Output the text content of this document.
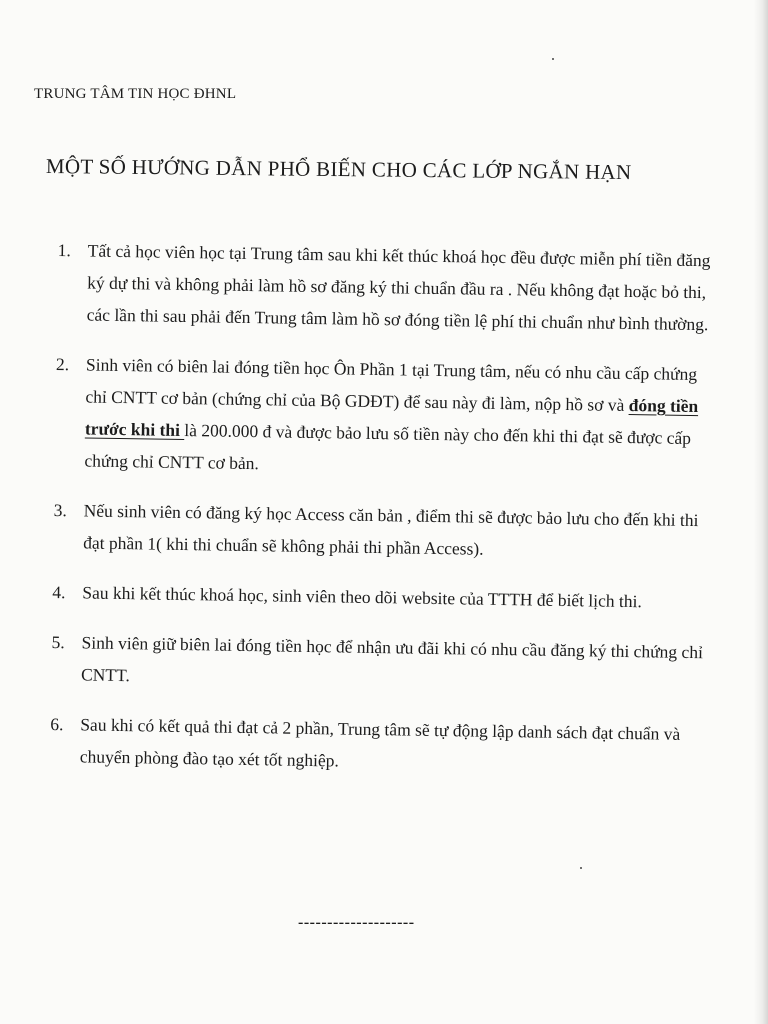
TRUNG TÂM TIN HỌC ĐHNL
MỘT SỐ HƯỚNG DẪN PHỔ BIẾN CHO CÁC LỚP NGẮN HẠN
1. Tất cả học viên học tại Trung tâm sau khi kết thúc khoá học đều được miễn phí tiền đăng ký dự thi và không phải làm hồ sơ đăng ký thi chuẩn đầu ra . Nếu không đạt hoặc bỏ thi, các lần thi sau phải đến Trung tâm làm hồ sơ đóng tiền lệ phí thi chuẩn như bình thường.
2. Sinh viên có biên lai đóng tiền học Ôn Phần 1 tại Trung tâm, nếu có nhu cầu cấp chứng chỉ CNTT cơ bản (chứng chỉ của Bộ GDĐT) để sau này đi làm, nộp hồ sơ và đóng tiền trước khi thi là 200.000 đ và được bảo lưu số tiền này cho đến khi thi đạt sẽ được cấp chứng chỉ CNTT cơ bản.
3. Nếu sinh viên có đăng ký học Access căn bản , điểm thi sẽ được bảo lưu cho đến khi thi đạt phần 1( khi thi chuẩn sẽ không phải thi phần Access).
4. Sau khi kết thúc khoá học, sinh viên theo dõi website của TTTH để biết lịch thi.
5. Sinh viên giữ biên lai đóng tiền học để nhận ưu đãi khi có nhu cầu đăng ký thi chứng chỉ CNTT.
6. Sau khi có kết quả thi đạt cả 2 phần, Trung tâm sẽ tự động lập danh sách đạt chuẩn và chuyển phòng đào tạo xét tốt nghiệp.
--------------------
